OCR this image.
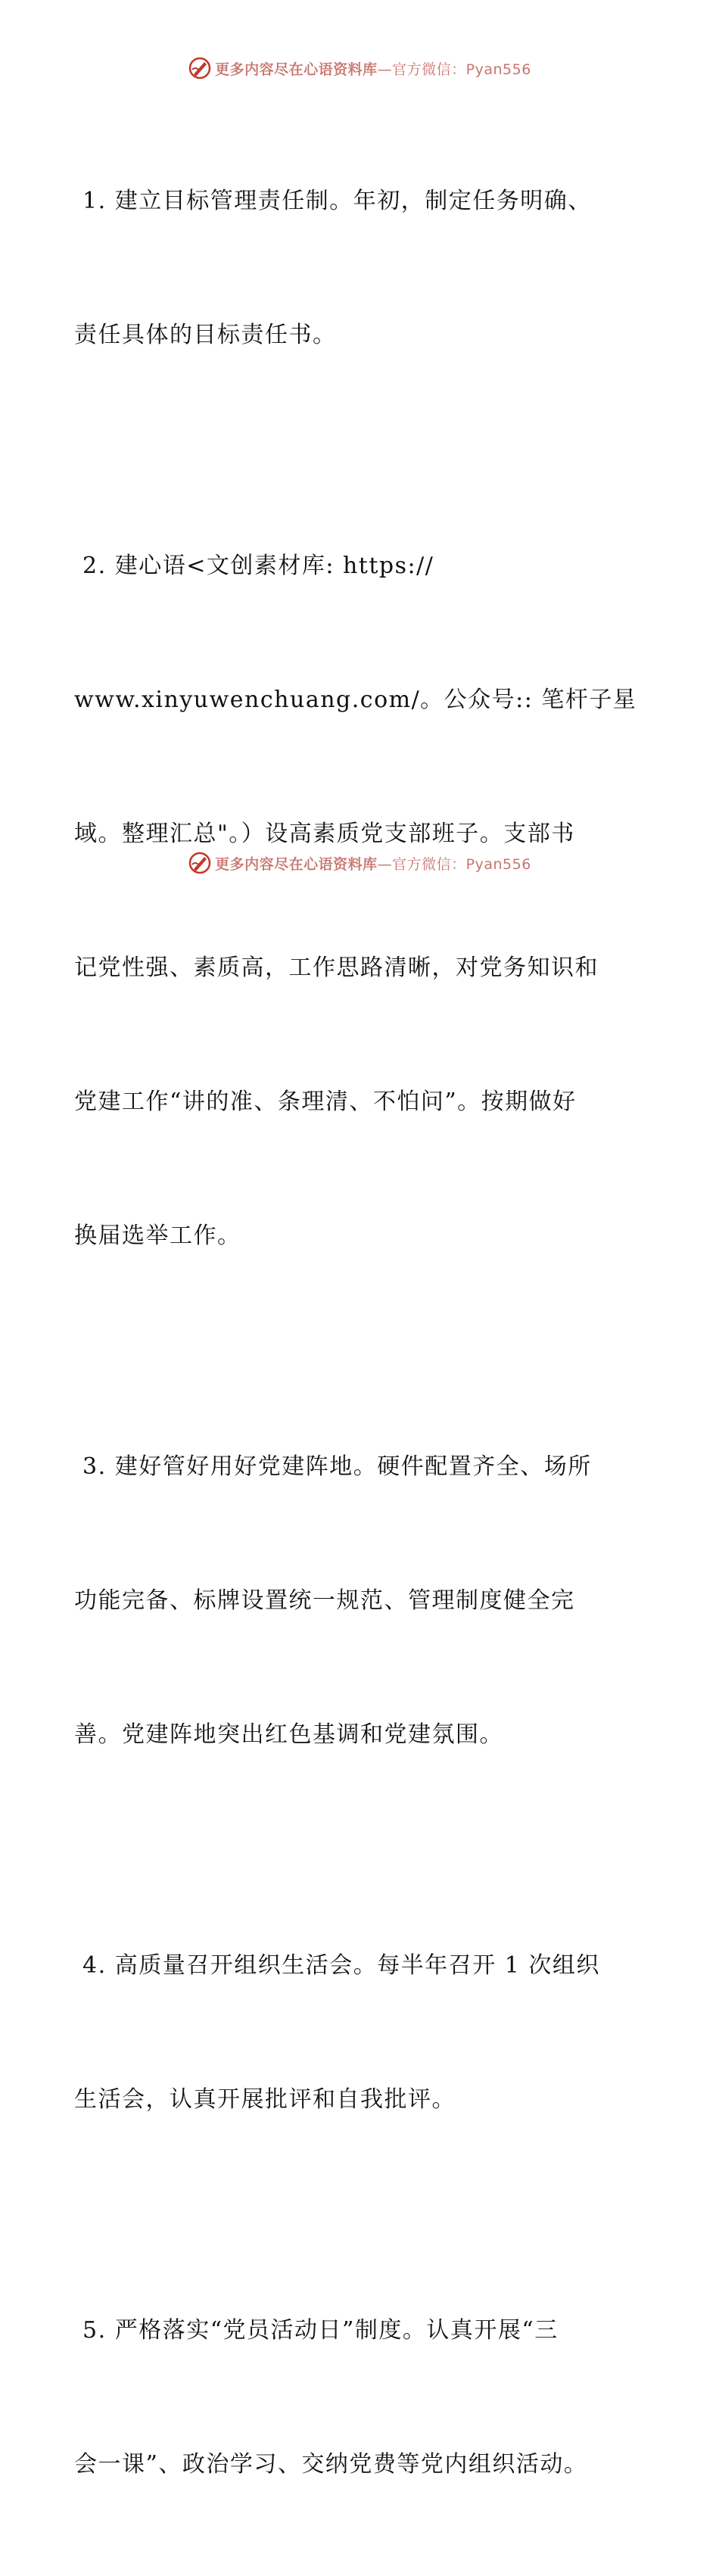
更多内容尽在心语资料库—官方微信：Pyan556

1. 建立目标管理责任制。年初，制定任务明确、

责任具体的目标责任书。

2. 建心语<文创素材库: https://

www.xinyuwenchuang.com/。公众号:: 笔杆子星

域。整理汇总"。）设高素质党支部班子。支部书

记党性强、素质高，工作思路清晰，对党务知识和

党建工作“讲的准、条理清、不怕问”。按期做好

换届选举工作。

3. 建好管好用好党建阵地。硬件配置齐全、场所

功能完备、标牌设置统一规范、管理制度健全完

善。党建阵地突出红色基调和党建氛围。

4. 高质量召开组织生活会。每半年召开 1 次组织

生活会，认真开展批评和自我批评。

5. 严格落实“党员活动日”制度。认真开展“三

会一课”、政治学习、交纳党费等党内组织活动。

更多内容尽在心语资料库—官方微信：Pyan556
